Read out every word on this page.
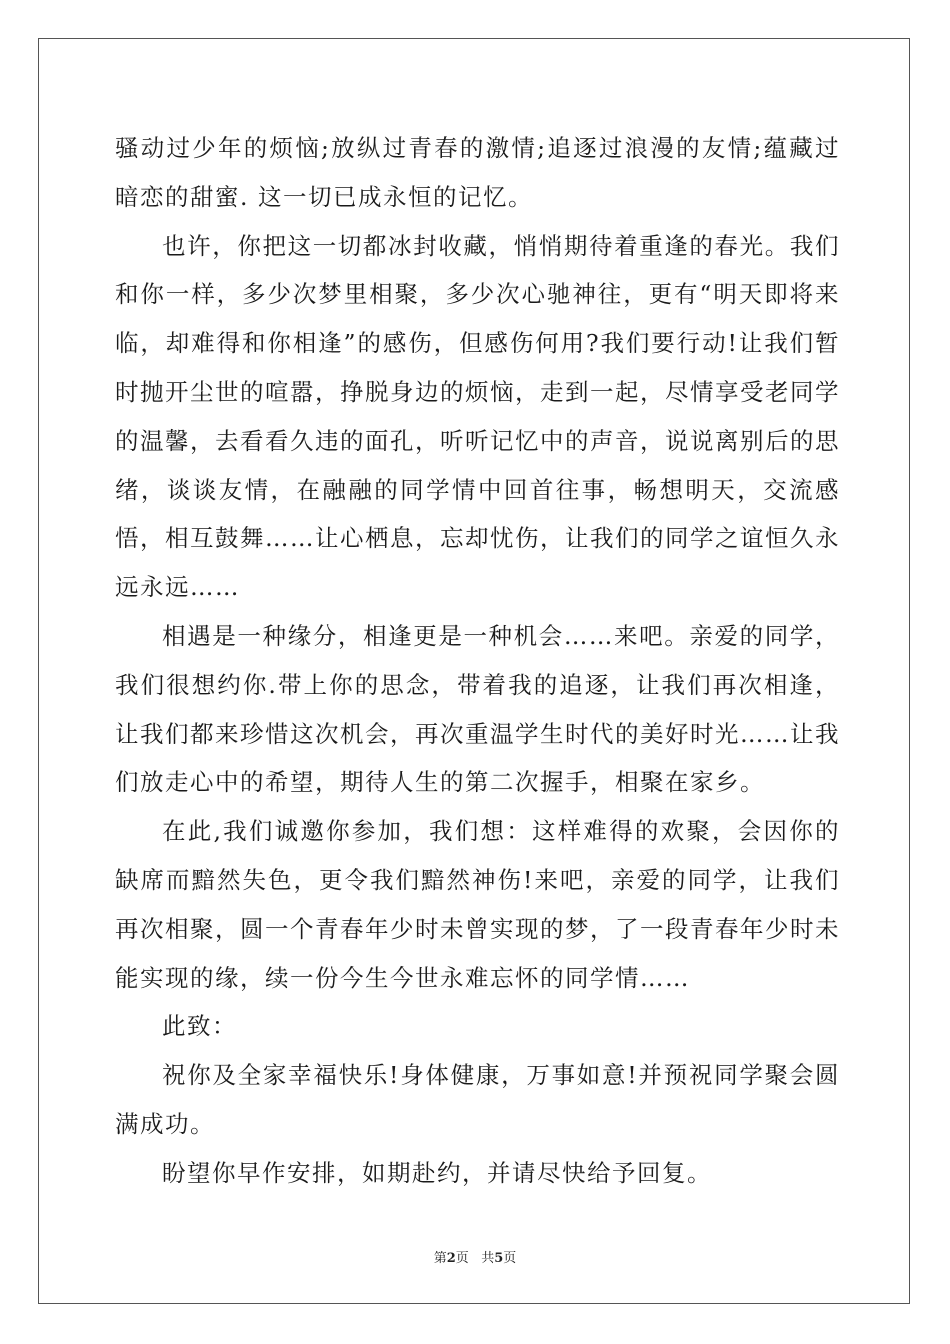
骚动过少年的烦恼;放纵过青春的激情;追逐过浪漫的友情;蕴藏过暗恋的甜蜜. 这一切已成永恒的记忆。

也许，你把这一切都冰封收藏，悄悄期待着重逢的春光。我们和你一样，多少次梦里相聚，多少次心驰神往，更有“明天即将来临，却难得和你相逢”的感伤，但感伤何用?我们要行动!让我们暂时抛开尘世的喧嚣，挣脱身边的烦恼，走到一起，尽情享受老同学的温馨，去看看久违的面孔，听听记忆中的声音，说说离别后的思绪，谈谈友情，在融融的同学情中回首往事，畅想明天，交流感悟，相互鼓舞……让心栖息，忘却忧伤，让我们的同学之谊恒久永远永远……

相遇是一种缘分，相逢更是一种机会……来吧。亲爱的同学，我们很想约你.带上你的思念，带着我的追逐，让我们再次相逢，让我们都来珍惜这次机会，再次重温学生时代的美好时光……让我们放走心中的希望，期待人生的第二次握手，相聚在家乡。

在此,我们诚邀你参加，我们想：这样难得的欢聚，会因你的缺席而黯然失色，更令我们黯然神伤!来吧，亲爱的同学，让我们再次相聚，圆一个青春年少时未曾实现的梦，了一段青春年少时未能实现的缘，续一份今生今世永难忘怀的同学情……

此致：

祝你及全家幸福快乐!身体健康，万事如意!并预祝同学聚会圆满成功。

盼望你早作安排，如期赴约，并请尽快给予回复。

第2页 共5页
